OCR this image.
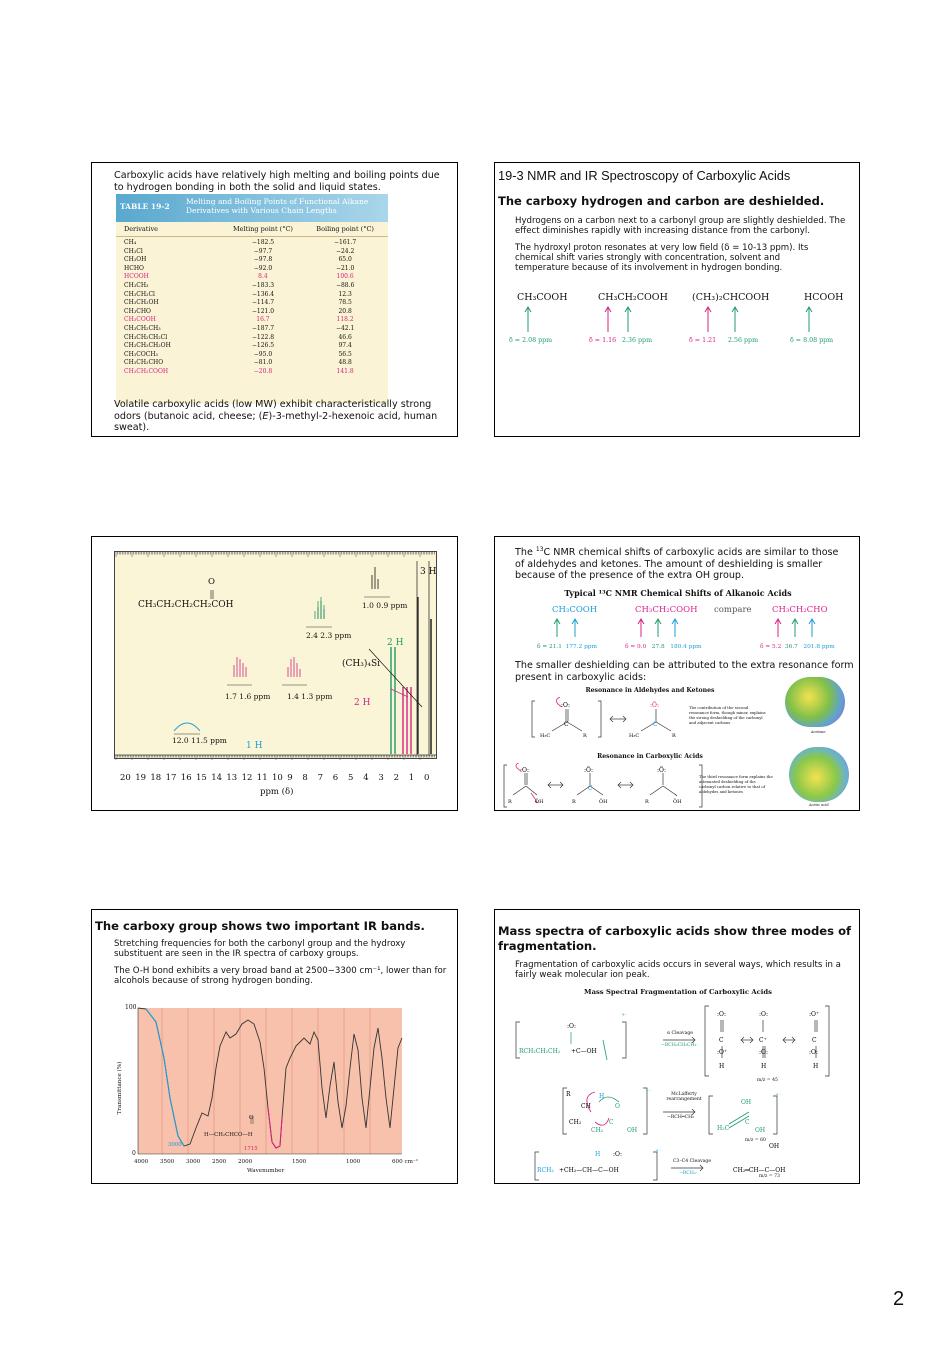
Carboxylic acids have relatively high melting and boiling points due to hydrogen bonding in both the solid and liquid states.
TABLE 19-2
Melting and Boiling Points of Functional Alkane Derivatives with Various Chain Lengths
Derivative	Melting point (°C)	Boiling point (°C)
CH₄	−182.5	−161.7
CH₃Cl	−97.7	−24.2
CH₃OH	−97.8	65.0
HCHO	−92.0	−21.0
HCOOH	8.4	100.6
CH₃CH₃	−183.3	−88.6
CH₃CH₂Cl	−136.4	12.3
CH₃CH₂OH	−114.7	78.5
CH₃CHO	−121.0	20.8
CH₃COOH	16.7	118.2
CH₃CH₂CH₃	−187.7	−42.1
CH₃CH₂CH₂Cl	−122.8	46.6
CH₃CH₂CH₂OH	−126.5	97.4
CH₃COCH₃	−95.0	56.5
CH₃CH₂CHO	−81.0	48.8
CH₃CH₂COOH	−20.8	141.8
Volatile carboxylic acids (low MW) exhibit characteristically strong odors (butanoic acid, cheese; (E)-3-methyl-2-hexenoic acid, human sweat).
19-3 NMR and IR Spectroscopy of Carboxylic Acids
The carboxy hydrogen and carbon are deshielded.
Hydrogens on a carbon next to a carbonyl group are slightly deshielded. The effect diminishes rapidly with increasing distance from the carbonyl.
The hydroxyl proton resonates at very low field (δ = 10-13 ppm). Its chemical shift varies strongly with concentration, solvent and temperature because of its involvement in hydrogen bonding.
CH₃COOH	CH₃CH₂COOH	(CH₃)₂CHCOOH	HCOOH
δ = 2.08 ppm	δ = 1.16 2.36 ppm	δ = 1.21 2.56 ppm	δ = 8.08 ppm
O
CH₃CH₂CH₂CH₂COH
3 H
1.0 0.9 ppm
2.4 2.3 ppm
2 H
(CH₃)₄Si
1.7 1.6 ppm 1.4 1.3 ppm
2 H
12.0 11.5 ppm
1 H
20 19 18 17 16 15 14 13 12 11 10 9 8 7 6 5 4 3 2 1 0
ppm (δ)
The $^{13}$C NMR chemical shifts of carboxylic acids are similar to those of aldehydes and ketones. The amount of deshielding is smaller because of the presence of the extra OH group.
Typical ¹³C NMR Chemical Shifts of Alkanoic Acids
CH₃COOH	CH₃CH₂COOH compare CH₃CH₂CHO
δ = 21.1 177.2 ppm	δ = 9.0 27.8 180.4 ppm	δ = 5.2 36.7 201.8 ppm
The smaller deshielding can be attributed to the extra resonance form present in carboxylic acids:
Resonance in Aldehydes and Ketones
:O:
C
H₃C	R
:Ö:
C
H₃C	R
The contribution of the second resonance form, though minor, explains the strong deshielding of the carbonyl and adjacent carbons
Acetone
Resonance in Carboxylic Acids
:O:
R	ÖH
:Ö:
C
R	ÖH
:Ö:
R	ÖH
The third resonance form explains the attenuated deshielding of the carbonyl carbon relative to that of aldehydes and ketones
Acetic acid
The carboxy group shows two important IR bands.
Stretching frequencies for both the carbonyl group and the hydroxy substituent are seen in the IR spectra of carboxy groups.
The O-H bond exhibits a very broad band at 2500−3300 cm⁻¹, lower than for alcohols because of strong hydrogen bonding.
100
0
Transmittance (%)
4000 3500 3000 2500 2000	1500	1000	600 cm⁻¹
Wavenumber
3000
1715
O
H—CH₂CHCO—H
Mass spectra of carboxylic acids show three modes of fragmentation.
Fragmentation of carboxylic acids occurs in several ways, which results in a fairly weak molecular ion peak.
Mass Spectral Fragmentation of Carboxylic Acids
:O:
RCH₂CH₂CH₂ +C—OH
+·	:O:
C
:O⁺
H
:O:
C⁺
:O:
H
:O⁺
C
:O:
H
R
CH
H
O
CH₂	C
CH₂	OH
+·
OH
H₂C
C
OH
+·
H :O:
RCH₂ +CH₂—CH—C—OH
+·
OH
CH₂═CH—C—OH
α Cleavage
−RCH₂CH₂CH₂·
m/z = 45
McLafferty rearrangement
−RCH═CH₂
m/z = 60
C3–C4 Cleavage
−RCH₂·
m/z = 73
2
